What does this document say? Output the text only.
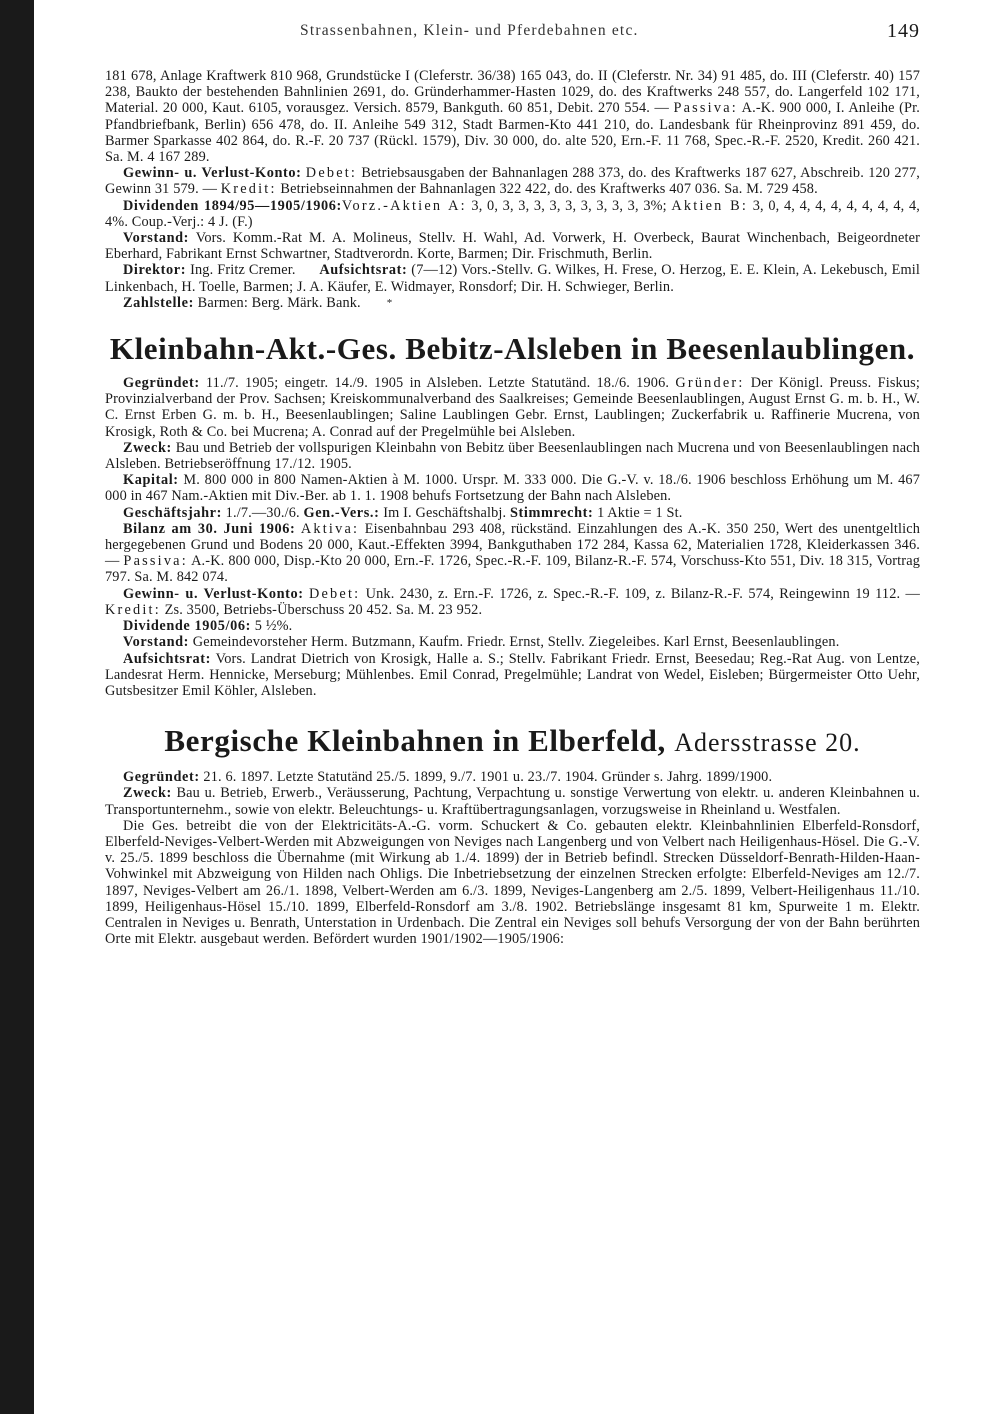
Strassenbahnen, Klein- und Pferdebahnen etc.	149

181 678, Anlage Kraftwerk 810 968, Grundstücke I (Cleferstr. 36/38) 165 043, do. II (Cleferstr. Nr. 34) 91 485, do. III (Cleferstr. 40) 157 238, Baukto der bestehenden Bahnlinien 2691, do. Gründerhammer-Hasten 1029, do. des Kraftwerks 248 557, do. Langerfeld 102 171, Material. 20 000, Kaut. 6105, vorausgez. Versich. 8579, Bankguth. 60 851, Debit. 270 554. — Passiva: A.-K. 900 000, I. Anleihe (Pr. Pfandbriefbank, Berlin) 656 478, do. II. Anleihe 549 312, Stadt Barmen-Kto 441 210, do. Landesbank für Rheinprovinz 891 459, do. Barmer Sparkasse 402 864, do. R.-F. 20 737 (Rückl. 1579), Div. 30 000, do. alte 520, Ern.-F. 11 768, Spec.-R.-F. 2520, Kredit. 260 421. Sa. M. 4 167 289.

Gewinn- u. Verlust-Konto: Debet: Betriebsausgaben der Bahnanlagen 288 373, do. des Kraftwerks 187 627, Abschreib. 120 277, Gewinn 31 579. — Kredit: Betriebseinnahmen der Bahnanlagen 322 422, do. des Kraftwerks 407 036. Sa. M. 729 458.

Dividenden 1894/95—1905/1906:Vorz.-Aktien A: 3, 0, 3, 3, 3, 3, 3, 3, 3, 3, 3, 3%; Aktien B: 3, 0, 4, 4, 4, 4, 4, 4, 4, 4, 4, 4%. Coup.-Verj.: 4 J. (F.)

Vorstand: Vors. Komm.-Rat M. A. Molineus, Stellv. H. Wahl, Ad. Vorwerk, H. Overbeck, Baurat Winchenbach, Beigeordneter Eberhard, Fabrikant Ernst Schwartner, Stadtverordn. Korte, Barmen; Dir. Frischmuth, Berlin.

Direktor: Ing. Fritz Cremer. Aufsichtsrat: (7—12) Vors.-Stellv. G. Wilkes, H. Frese, O. Herzog, E. E. Klein, A. Lekebusch, Emil Linkenbach, H. Toelle, Barmen; J. A. Käufer, E. Widmayer, Ronsdorf; Dir. H. Schwieger, Berlin.

Zahlstelle: Barmen: Berg. Märk. Bank. *

Kleinbahn-Akt.-Ges. Bebitz-Alsleben in Beesenlaublingen.

Gegründet: 11./7. 1905; eingetr. 14./9. 1905 in Alsleben. Letzte Statutänd. 18./6. 1906. Gründer: Der Königl. Preuss. Fiskus; Provinzialverband der Prov. Sachsen; Kreiskommunalverband des Saalkreises; Gemeinde Beesenlaublingen, August Ernst G. m. b. H., W. C. Ernst Erben G. m. b. H., Beesenlaublingen; Saline Laublingen Gebr. Ernst, Laublingen; Zuckerfabrik u. Raffinerie Mucrena, von Krosigk, Roth & Co. bei Mucrena; A. Conrad auf der Pregelmühle bei Alsleben.

Zweck: Bau und Betrieb der vollspurigen Kleinbahn von Bebitz über Beesenlaublingen nach Mucrena und von Beesenlaublingen nach Alsleben. Betriebseröffnung 17./12. 1905.

Kapital: M. 800 000 in 800 Namen-Aktien à M. 1000. Urspr. M. 333 000. Die G.-V. v. 18./6. 1906 beschloss Erhöhung um M. 467 000 in 467 Nam.-Aktien mit Div.-Ber. ab 1. 1. 1908 behufs Fortsetzung der Bahn nach Alsleben.

Geschäftsjahr: 1./7.—30./6. Gen.-Vers.: Im I. Geschäftshalbj. Stimmrecht: 1 Aktie = 1 St.

Bilanz am 30. Juni 1906: Aktiva: Eisenbahnbau 293 408, rückständ. Einzahlungen des A.-K. 350 250, Wert des unentgeltlich hergegebenen Grund und Bodens 20 000, Kaut.-Effekten 3994, Bankguthaben 172 284, Kassa 62, Materialien 1728, Kleiderkassen 346. — Passiva: A.-K. 800 000, Disp.-Kto 20 000, Ern.-F. 1726, Spec.-R.-F. 109, Bilanz-R.-F. 574, Vorschuss-Kto 551, Div. 18 315, Vortrag 797. Sa. M. 842 074.

Gewinn- u. Verlust-Konto: Debet: Unk. 2430, z. Ern.-F. 1726, z. Spec.-R.-F. 109, z. Bilanz-R.-F. 574, Reingewinn 19 112. — Kredit: Zs. 3500, Betriebs-Überschuss 20 452. Sa. M. 23 952.

Dividende 1905/06: 5 ½%.

Vorstand: Gemeindevorsteher Herm. Butzmann, Kaufm. Friedr. Ernst, Stellv. Ziegeleibes. Karl Ernst, Beesenlaublingen.

Aufsichtsrat: Vors. Landrat Dietrich von Krosigk, Halle a. S.; Stellv. Fabrikant Friedr. Ernst, Beesedau; Reg.-Rat Aug. von Lentze, Landesrat Herm. Hennicke, Merseburg; Mühlenbes. Emil Conrad, Pregelmühle; Landrat von Wedel, Eisleben; Bürgermeister Otto Uehr, Gutsbesitzer Emil Köhler, Alsleben.

Bergische Kleinbahnen in Elberfeld, Adersstrasse 20.

Gegründet: 21. 6. 1897. Letzte Statutänd 25./5. 1899, 9./7. 1901 u. 23./7. 1904. Gründer s. Jahrg. 1899/1900.

Zweck: Bau u. Betrieb, Erwerb., Veräusserung, Pachtung, Verpachtung u. sonstige Verwertung von elektr. u. anderen Kleinbahnen u. Transportunternehm., sowie von elektr. Beleuchtungs- u. Kraftübertragungsanlagen, vorzugsweise in Rheinland u. Westfalen.

Die Ges. betreibt die von der Elektricitäts-A.-G. vorm. Schuckert & Co. gebauten elektr. Kleinbahnlinien Elberfeld-Ronsdorf, Elberfeld-Neviges-Velbert-Werden mit Abzweigungen von Neviges nach Langenberg und von Velbert nach Heiligenhaus-Hösel. Die G.-V. v. 25./5. 1899 beschloss die Übernahme (mit Wirkung ab 1./4. 1899) der in Betrieb befindl. Strecken Düsseldorf-Benrath-Hilden-Haan-Vohwinkel mit Abzweigung von Hilden nach Ohligs. Die Inbetriebsetzung der einzelnen Strecken erfolgte: Elberfeld-Neviges am 12./7. 1897, Neviges-Velbert am 26./1. 1898, Velbert-Werden am 6./3. 1899, Neviges-Langenberg am 2./5. 1899, Velbert-Heiligenhaus 11./10. 1899, Heiligenhaus-Hösel 15./10. 1899, Elberfeld-Ronsdorf am 3./8. 1902. Betriebslänge insgesamt 81 km, Spurweite 1 m. Elektr. Centralen in Neviges u. Benrath, Unterstation in Urdenbach. Die Zentral ein Neviges soll behufs Versorgung der von der Bahn berührten Orte mit Elektr. ausgebaut werden. Befördert wurden 1901/1902—1905/1906:
